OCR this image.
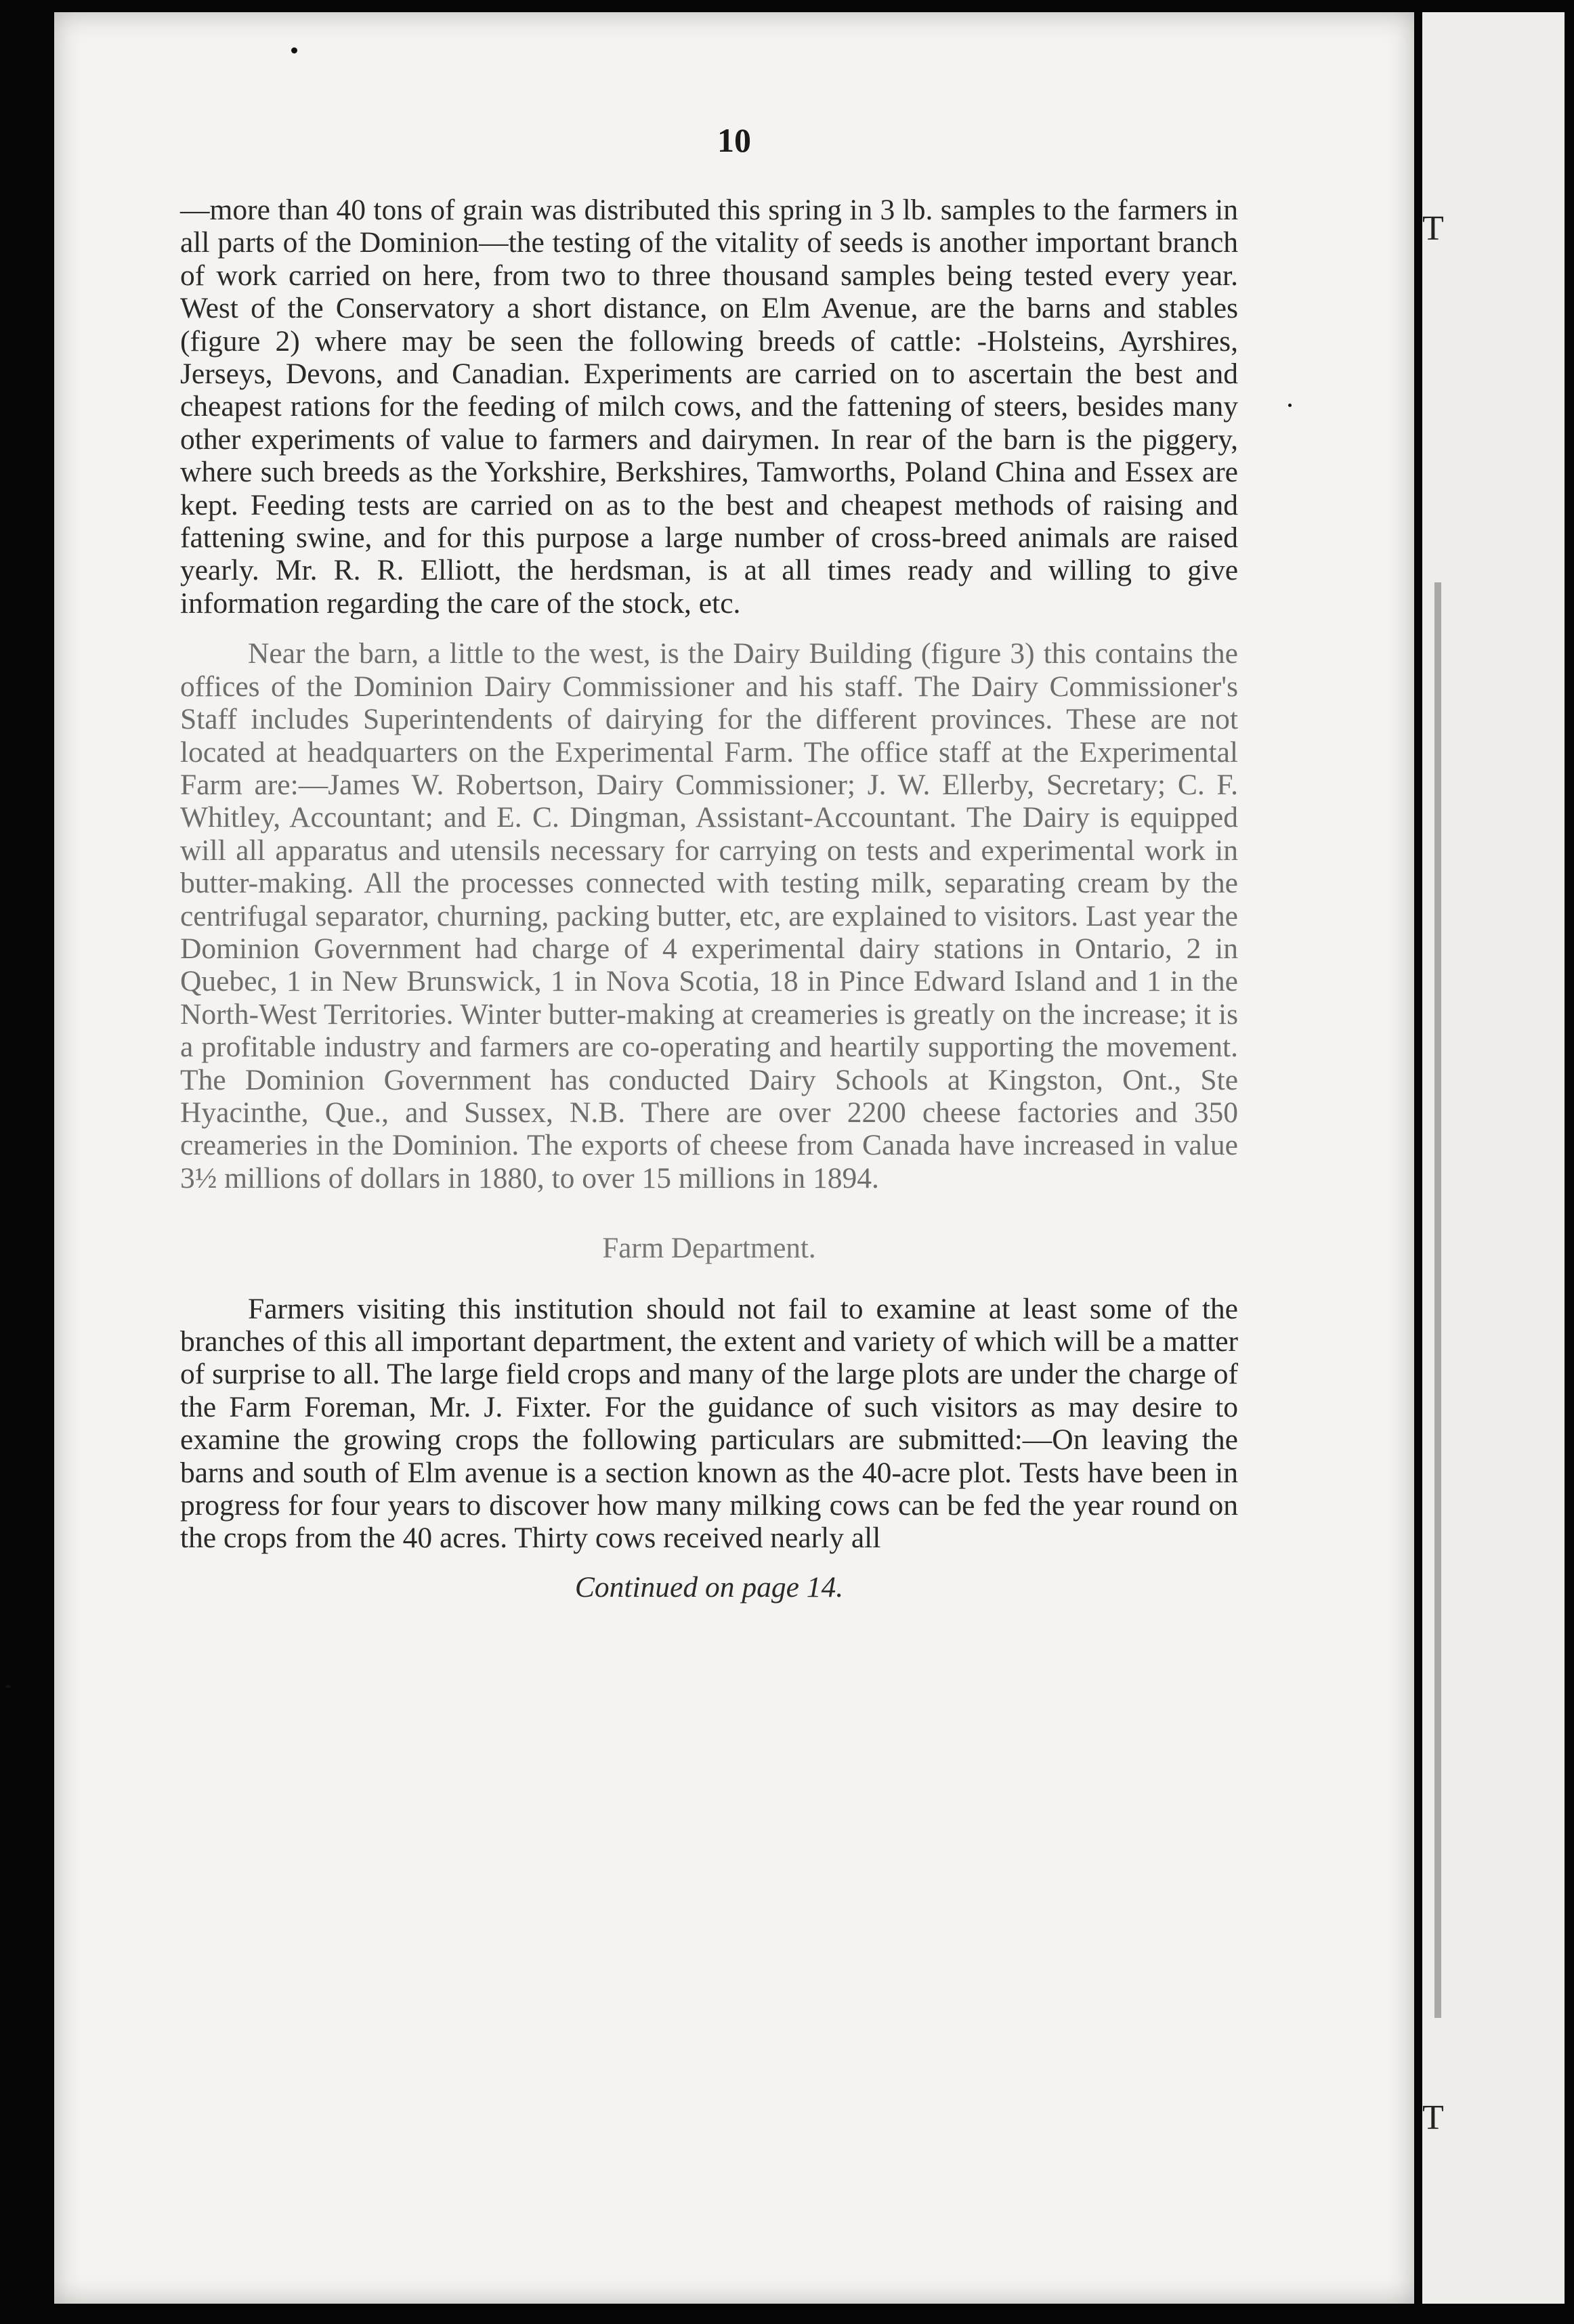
10

—more than 40 tons of grain was distributed this spring in 3 lb. samples to the farmers in all parts of the Dominion—the testing of the vitality of seeds is another important branch of work carried on here, from two to three thousand samples being tested every year. West of the Conservatory a short distance, on Elm Avenue, are the barns and stables (figure 2) where may be seen the following breeds of cattle: -Holsteins, Ayrshires, Jerseys, Devons, and Canadian. Experiments are carried on to ascertain the best and cheapest rations for the feeding of milch cows, and the fattening of steers, besides many other experiments of value to farmers and dairymen. In rear of the barn is the piggery, where such breeds as the Yorkshire, Berkshires, Tamworths, Poland China and Essex are kept. Feeding tests are carried on as to the best and cheapest methods of raising and fattening swine, and for this purpose a large number of cross-breed animals are raised yearly. Mr. R. R. Elliott, the herdsman, is at all times ready and willing to give information regarding the care of the stock, etc.

Near the barn, a little to the west, is the Dairy Building (figure 3) this contains the offices of the Dominion Dairy Commissioner and his staff. The Dairy Commissioner's Staff includes Superintendents of dairying for the different provinces. These are not located at headquarters on the Experimental Farm. The office staff at the Experimental Farm are:—James W. Robertson, Dairy Commissioner; J. W. Ellerby, Secretary; C. F. Whitley, Accountant; and E. C. Dingman, Assistant-Accountant. The Dairy is equipped will all apparatus and utensils necessary for carrying on tests and experimental work in butter-making. All the processes connected with testing milk, separating cream by the centrifugal separator, churning, packing butter, etc, are explained to visitors. Last year the Dominion Government had charge of 4 experimental dairy stations in Ontario, 2 in Quebec, 1 in New Brunswick, 1 in Nova Scotia, 18 in Pince Edward Island and 1 in the North-West Territories. Winter butter-making at creameries is greatly on the increase; it is a profitable industry and farmers are co-operating and heartily supporting the movement. The Dominion Government has conducted Dairy Schools at Kingston, Ont., Ste Hyacinthe, Que., and Sussex, N.B. There are over 2200 cheese factories and 350 creameries in the Dominion. The exports of cheese from Canada have increased in value 3½ millions of dollars in 1880, to over 15 millions in 1894.

Farm Department.

Farmers visiting this institution should not fail to examine at least some of the branches of this all important department, the extent and variety of which will be a matter of surprise to all. The large field crops and many of the large plots are under the charge of the Farm Foreman, Mr. J. Fixter. For the guidance of such visitors as may desire to examine the growing crops the following particulars are submitted:—On leaving the barns and south of Elm avenue is a section known as the 40-acre plot. Tests have been in progress for four years to discover how many milking cows can be fed the year round on the crops from the 40 acres. Thirty cows received nearly all

Continued on page 14.

T
T
